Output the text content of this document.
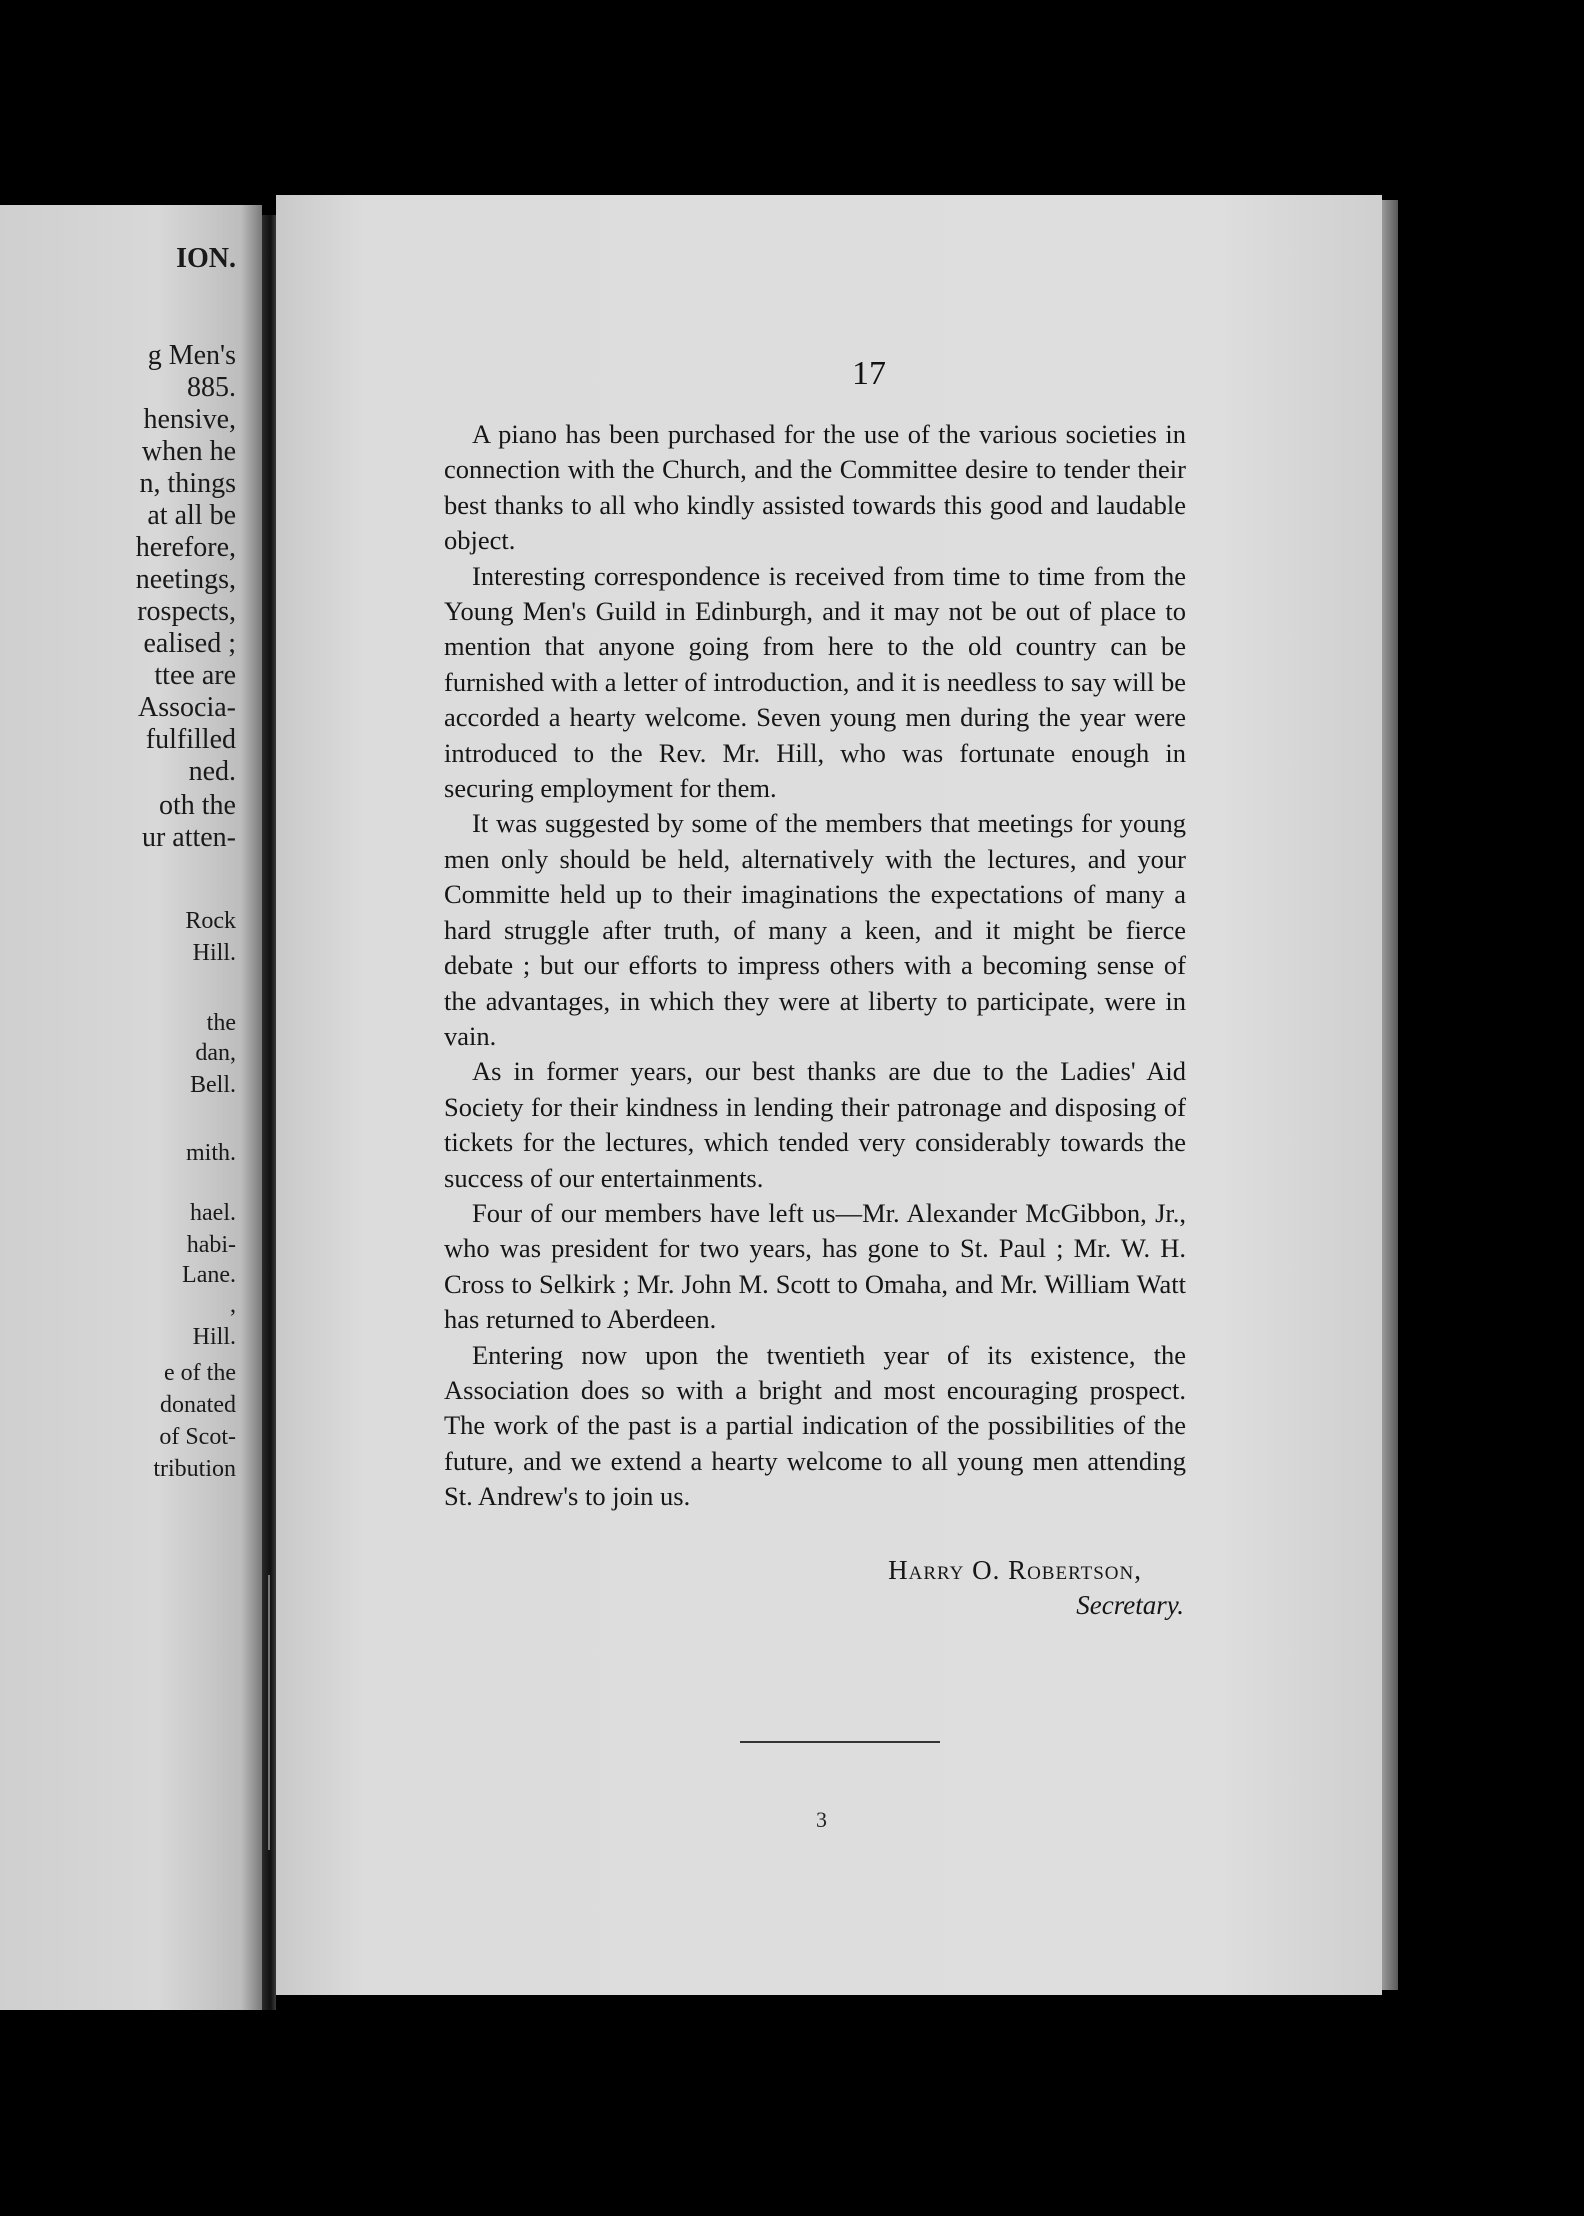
ION.
g Men's
885.
hensive,
when he
n, things
at all be
herefore,
neetings,
rospects,
ealised ;
ttee are
Associa-
fulfilled
ned.
oth the
ur atten-
Rock
Hill.
the
dan,
Bell.
mith.
hael.
habi-
Lane.
,
Hill.
e of the
donated
of Scot-
tribution
17

A piano has been purchased for the use of the various societies in connection with the Church, and the Committee desire to tender their best thanks to all who kindly assisted towards this good and laudable object.

Interesting correspondence is received from time to time from the Young Men's Guild in Edinburgh, and it may not be out of place to mention that anyone going from here to the old country can be furnished with a letter of introduction, and it is needless to say will be accorded a hearty welcome. Seven young men during the year were introduced to the Rev. Mr. Hill, who was fortunate enough in securing employment for them.

It was suggested by some of the members that meetings for young men only should be held, alternatively with the lectures, and your Committe held up to their imaginations the expectations of many a hard struggle after truth, of many a keen, and it might be fierce debate ; but our efforts to impress others with a becoming sense of the advantages, in which they were at liberty to participate, were in vain.

As in former years, our best thanks are due to the Ladies' Aid Society for their kindness in lending their patronage and disposing of tickets for the lectures, which tended very considerably towards the success of our entertainments.

Four of our members have left us—Mr. Alexander McGibbon, Jr., who was president for two years, has gone to St. Paul ; Mr. W. H. Cross to Selkirk ; Mr. John M. Scott to Omaha, and Mr. William Watt has returned to Aberdeen.

Entering now upon the twentieth year of its existence, the Association does so with a bright and most encouraging prospect. The work of the past is a partial indication of the possibilities of the future, and we extend a hearty welcome to all young men attending St. Andrew's to join us.

Harry O. Robertson,
Secretary.
3
